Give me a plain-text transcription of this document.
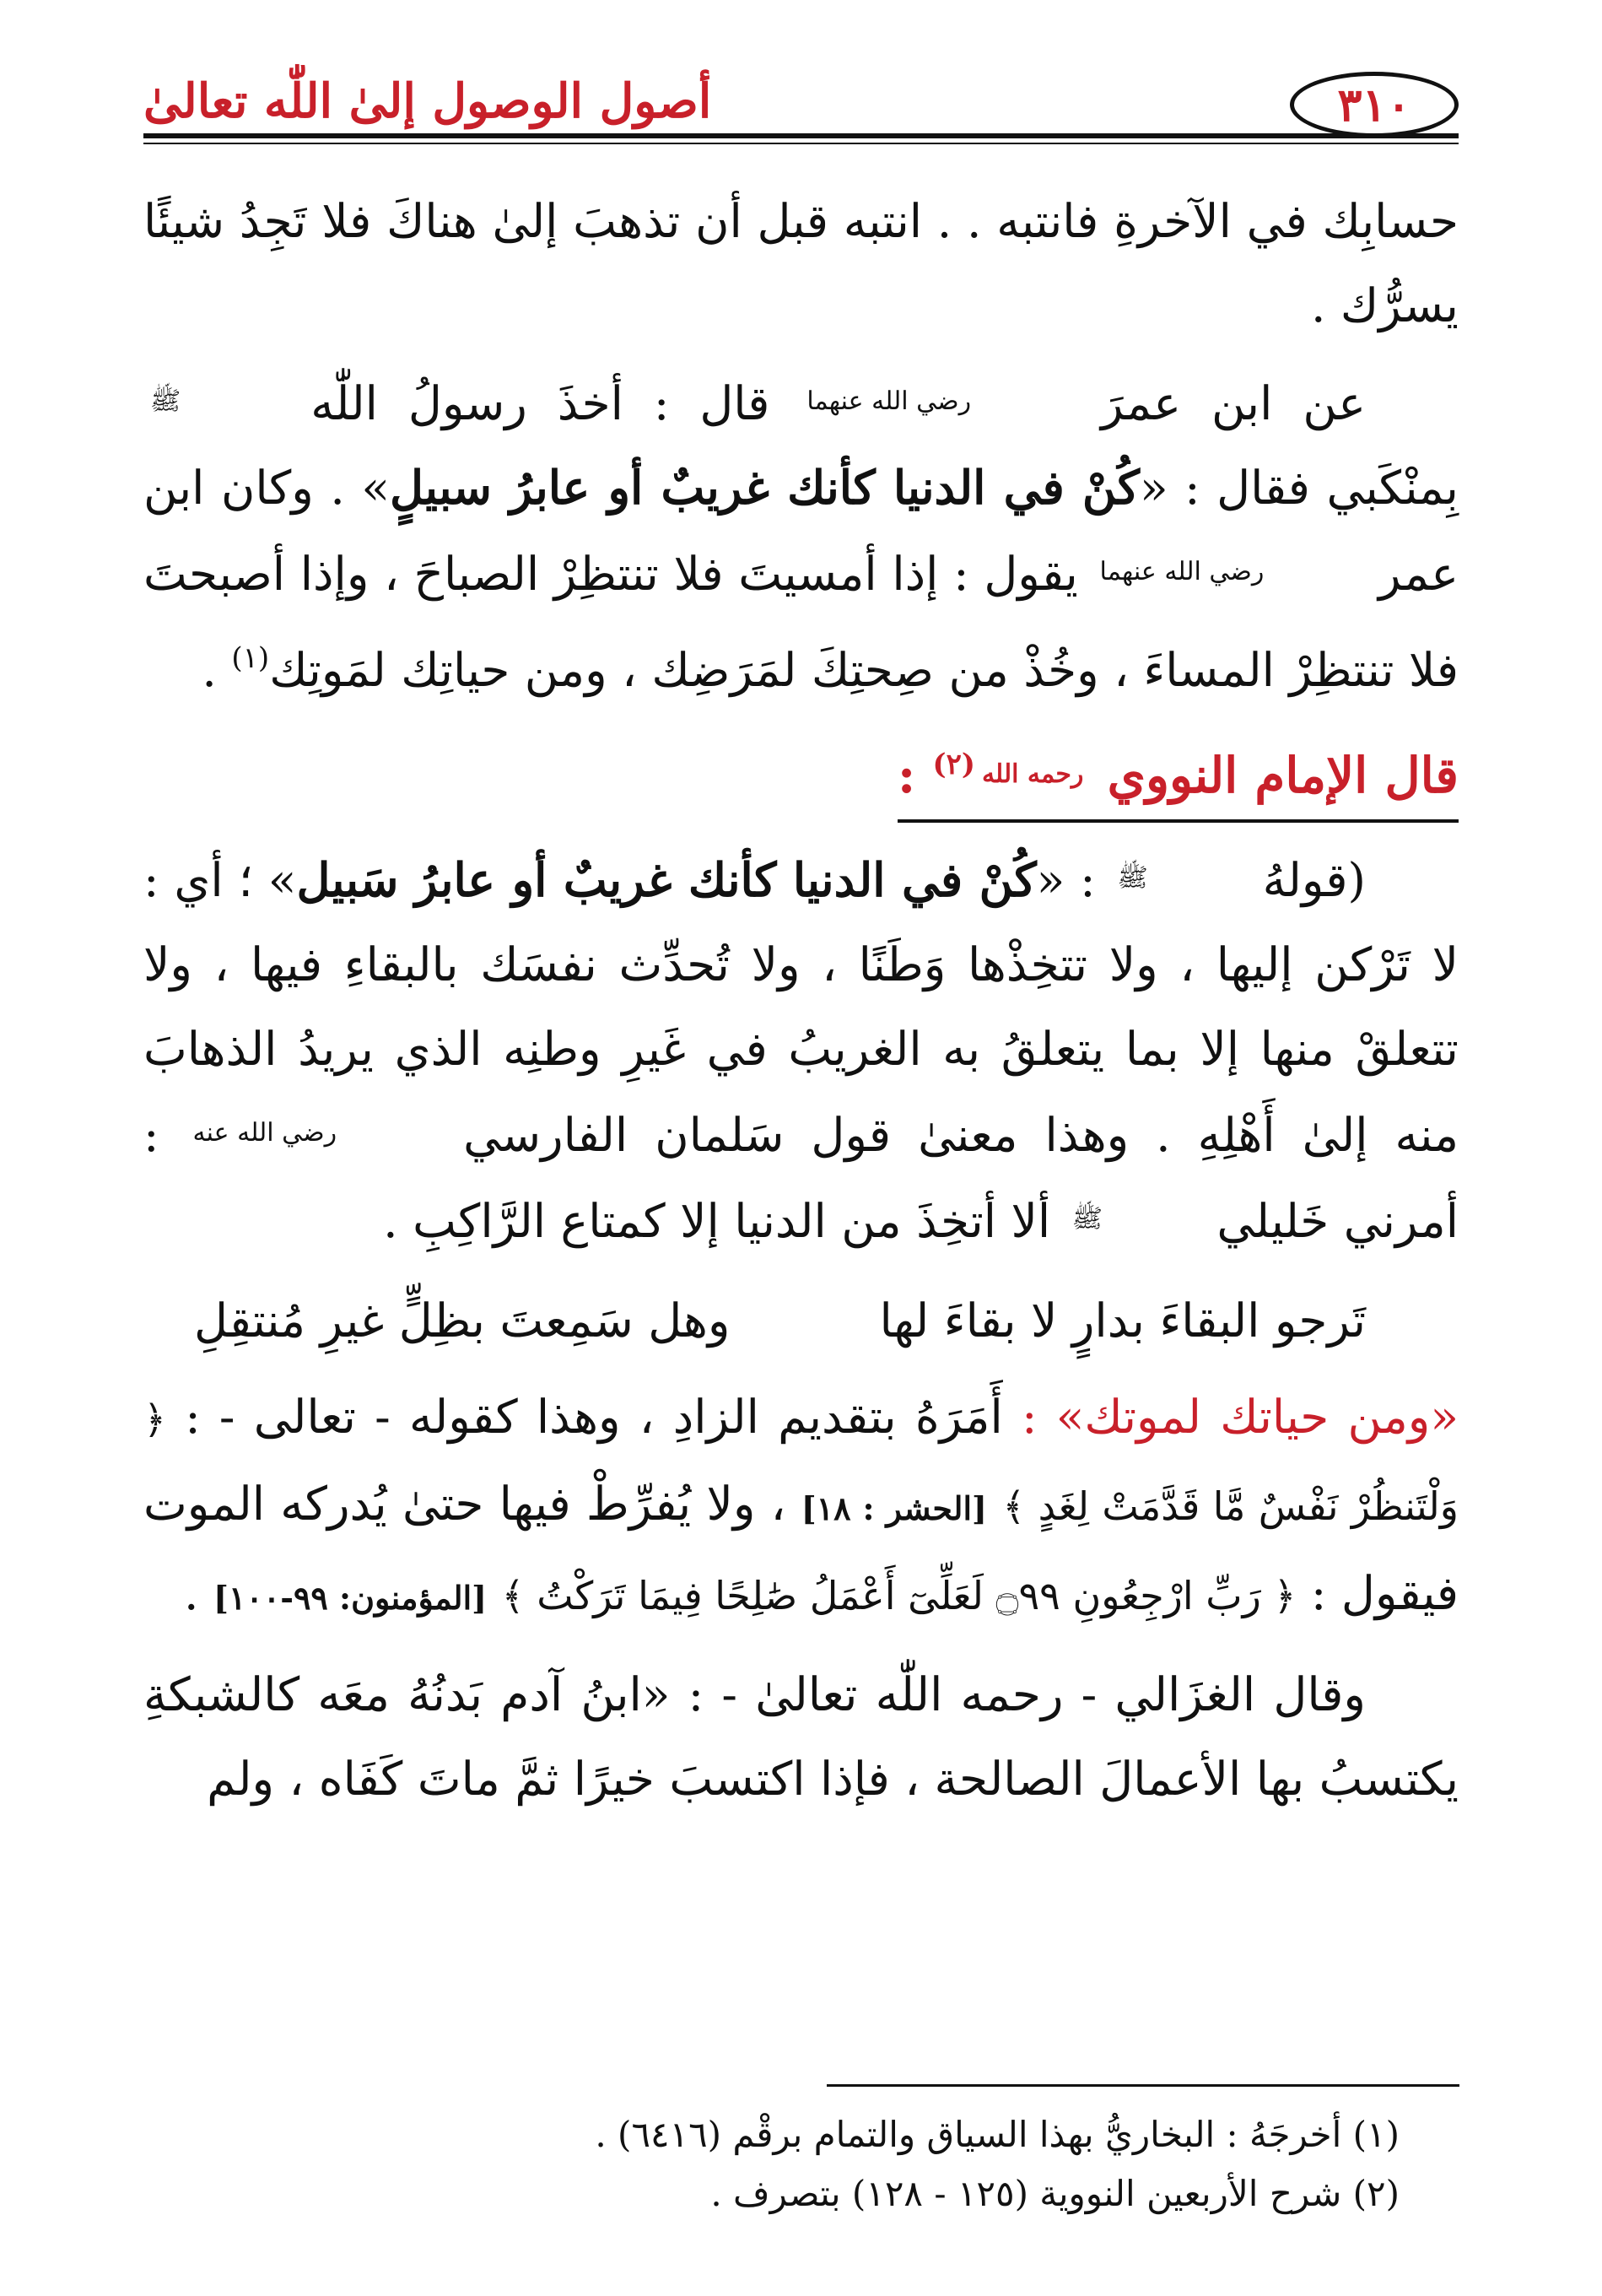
٣١٠
أصول الوصول إلىٰ اللّٰه تعالىٰ

حسابِك في الآخرةِ فانتبه . . انتبه قبل أن تذهبَ إلىٰ هناكَ فلا تَجِدُ شيئًا يسرُّك .

عن ابن عمرَ رضي الله عنهما قال : أخذَ رسولُ اللّٰه ﷺ بِمنْكَبي فقال : «كُنْ في الدنيا كأنك غريبٌ أو عابرُ سبيلٍ» . وكان ابن عمر رضي الله عنهما يقول : إذا أمسيتَ فلا تنتظِرْ الصباحَ ، وإذا أصبحتَ فلا تنتظِرْ المساءَ ، وخُذْ من صِحتِكَ لمَرَضِك ، ومن حياتِك لمَوتِك$^{(١)}$ .

قال الإمام النووي رحمه الله$^{(٢)}$ :

(قولهُ ﷺ : «كُنْ في الدنيا كأنك غريبٌ أو عابرُ سَبيل» ؛ أي : لا تَرْكن إليها ، ولا تتخِذْها وَطَنًا ، ولا تُحدِّث نفسَك بالبقاءِ فيها ، ولا تتعلقْ منها إلا بما يتعلقُ به الغريبُ في غَيرِ وطنِه الذي يريدُ الذهابَ منه إلىٰ أَهْلِهِ . وهذا معنىٰ قول سَلمان الفارسي رضي الله عنه : أمرني خَليلي ﷺ ألا أتخِذَ من الدنيا إلا كمتاع الرَّاكِبِ .

تَرجو البقاءَ بدارٍ لا بقاءَ لها
وهل سَمِعتَ بظِلٍّ غيرِ مُنتقِلِ

«ومن حياتك لموتك» : أَمَرَهُ بتقديم الزادِ ، وهذا كقوله - تعالى - : ﴿ وَلْتَنظُرْ نَفْسٌ مَّا قَدَّمَتْ لِغَدٍ ﴾ [الحشر : ١٨] ، ولا يُفرِّطْ فيها حتىٰ يُدركه الموت فيقول : ﴿ رَبِّ ارْجِعُونِ ۝٩٩ لَعَلِّىٓ أَعْمَلُ صَٰلِحًا فِيمَا تَرَكْتُ ﴾ [المؤمنون: ٩٩-١٠٠] .

وقال الغزَالي - رحمه اللّٰه تعالىٰ - : «ابنُ آدم بَدنُهُ معَه كالشبكةِ يكتسبُ بها الأعمالَ الصالحة ، فإذا اكتسبَ خيرًا ثمَّ ماتَ كَفَاه ، ولم

(١) أخرجَهُ : البخاريُّ بهذا السياق والتمام برقْم (٦٤١٦) .

(٢) شرح الأربعين النووية (١٢٥ - ١٢٨) بتصرف .
